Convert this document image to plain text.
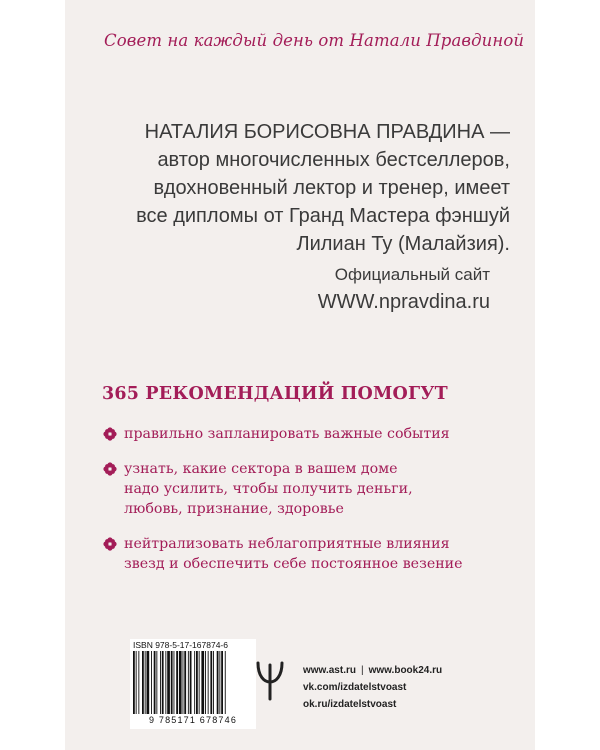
Совет на каждый день от Натали Правдиной
НАТАЛИЯ БОРИСОВНА ПРАВДИНА —
автор многочисленных бестселлеров,
вдохновенный лектор и тренер, имеет
все дипломы от Гранд Мастера фэншуй
Лилиан Ту (Малайзия).
Официальный сайт
WWW.npravdina.ru
365 РЕКОМЕНДАЦИЙ ПОМОГУТ
правильно запланировать важные события
узнать, какие сектора в вашем доме
надо усилить, чтобы получить деньги,
любовь, признание, здоровье
нейтрализовать неблагоприятные влияния
звезд и обеспечить себе постоянное везение
ISBN 978-5-17-167874-6
9 785171 678746
www.ast.ru | www.book24.ru
vk.com/izdatelstvoast
ok.ru/izdatelstvoast
